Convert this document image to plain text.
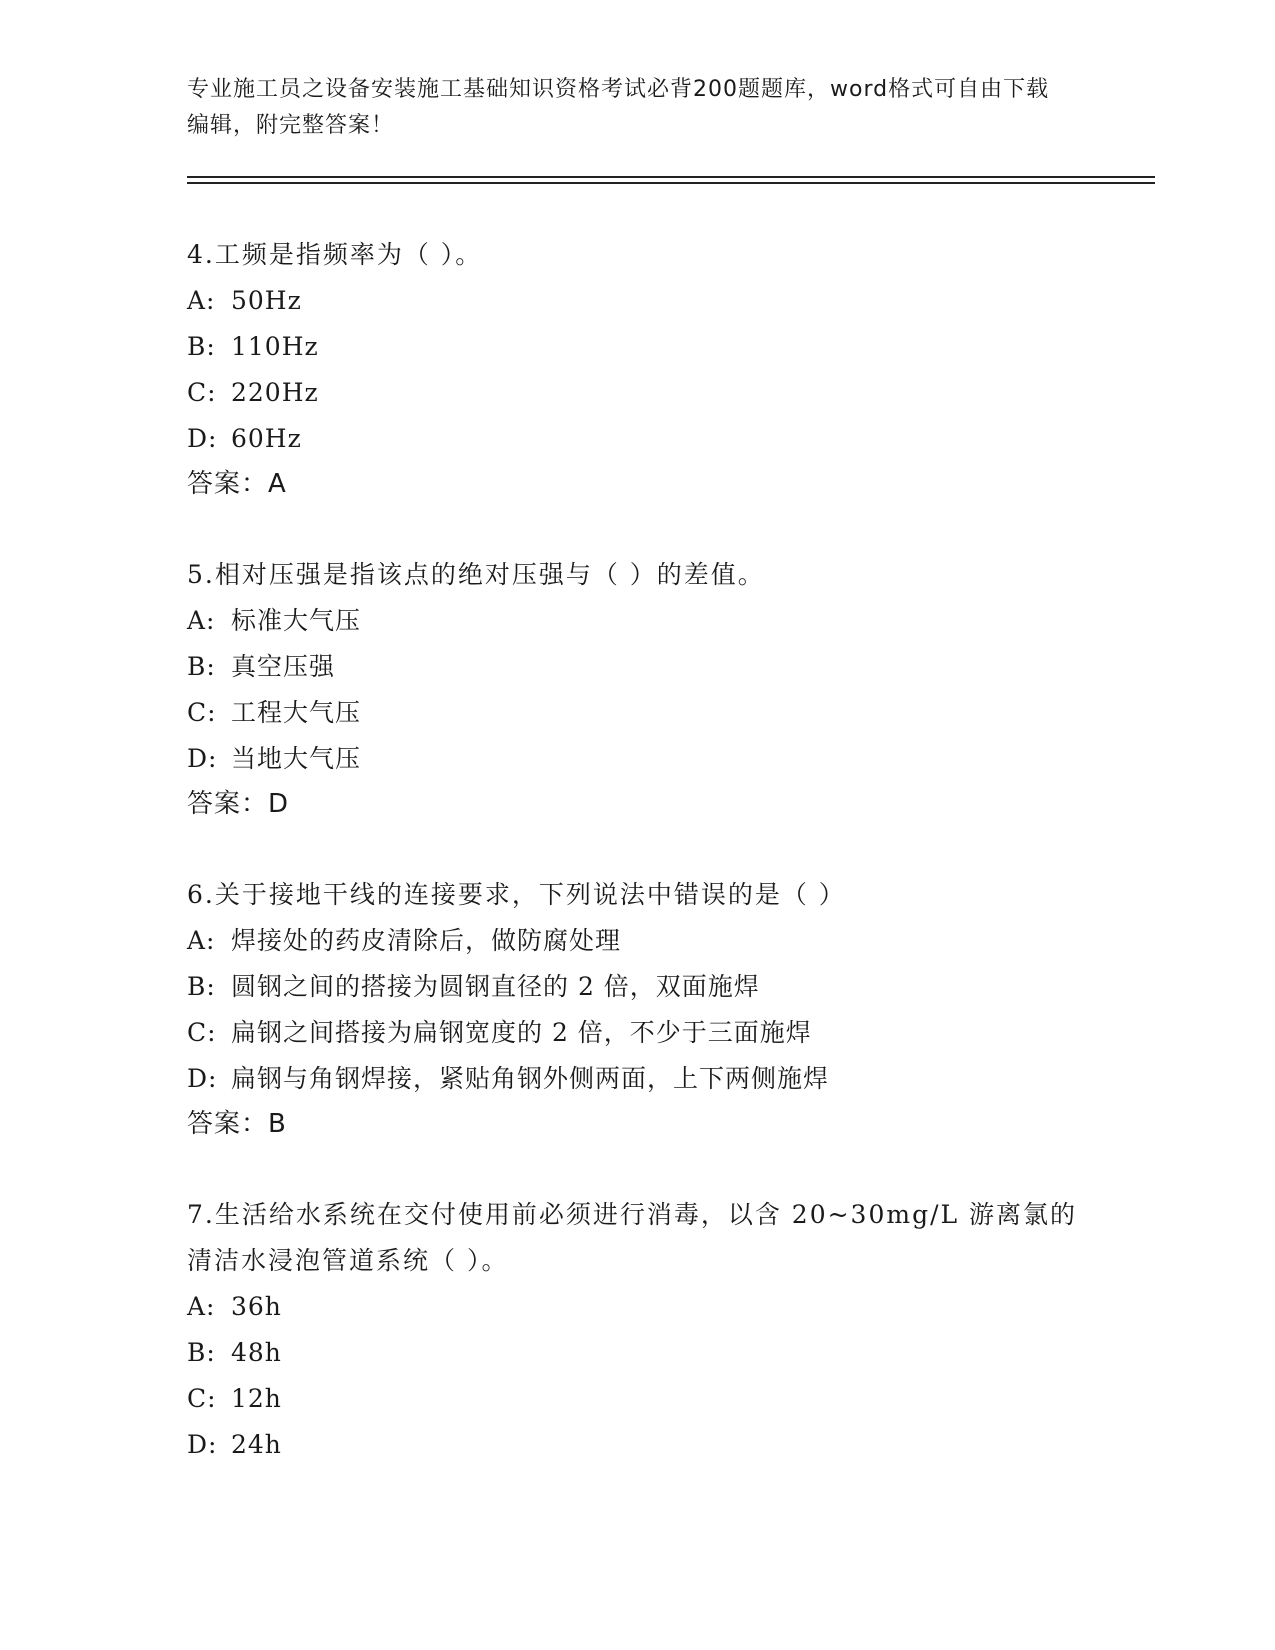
专业施工员之设备安装施工基础知识资格考试必背200题题库，word格式可自由下载编辑，附完整答案！

4.工频是指频率为（ ）。

A: 50Hz
B: 110Hz
C: 220Hz
D: 60Hz
答案：A

5.相对压强是指该点的绝对压强与（ ）的差值。

A: 标准大气压
B: 真空压强
C: 工程大气压
D: 当地大气压
答案：D

6.关于接地干线的连接要求，下列说法中错误的是（ ）

A: 焊接处的药皮清除后，做防腐处理
B: 圆钢之间的搭接为圆钢直径的 2 倍，双面施焊
C: 扁钢之间搭接为扁钢宽度的 2 倍，不少于三面施焊
D: 扁钢与角钢焊接，紧贴角钢外侧两面，上下两侧施焊
答案：B

7.生活给水系统在交付使用前必须进行消毒，以含 20~30mg/L 游离氯的清洁水浸泡管道系统（ ）。

A: 36h
B: 48h
C: 12h
D: 24h
